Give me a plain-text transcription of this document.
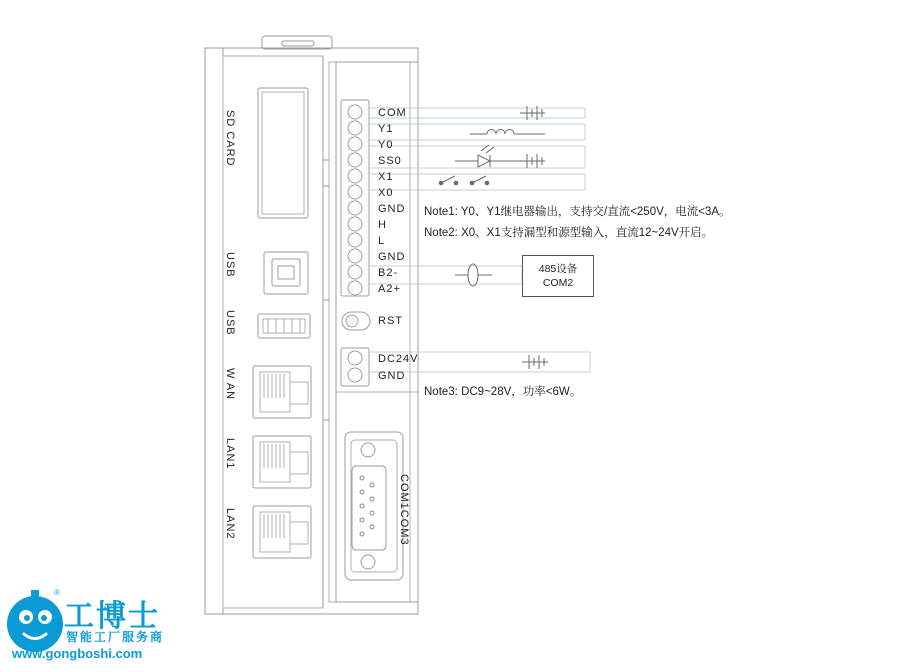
SD CARD
USB
USB
W AN
LAN1
LAN2
COM
Y1
Y0
SS0
X1
X0
GND
H
L
GND
B2-
A2+
RST
DC24V
GND
COM1COM3
485设备
COM2
Note1: Y0、Y1继电器输出，支持交/直流<250V，电流<3A。
Note2: X0、X1支持漏型和源型输入，直流12~24V开启。
Note3: DC9~28V，功率<6W。
®
工博士
智能工厂服务商
www.gongboshi.com
